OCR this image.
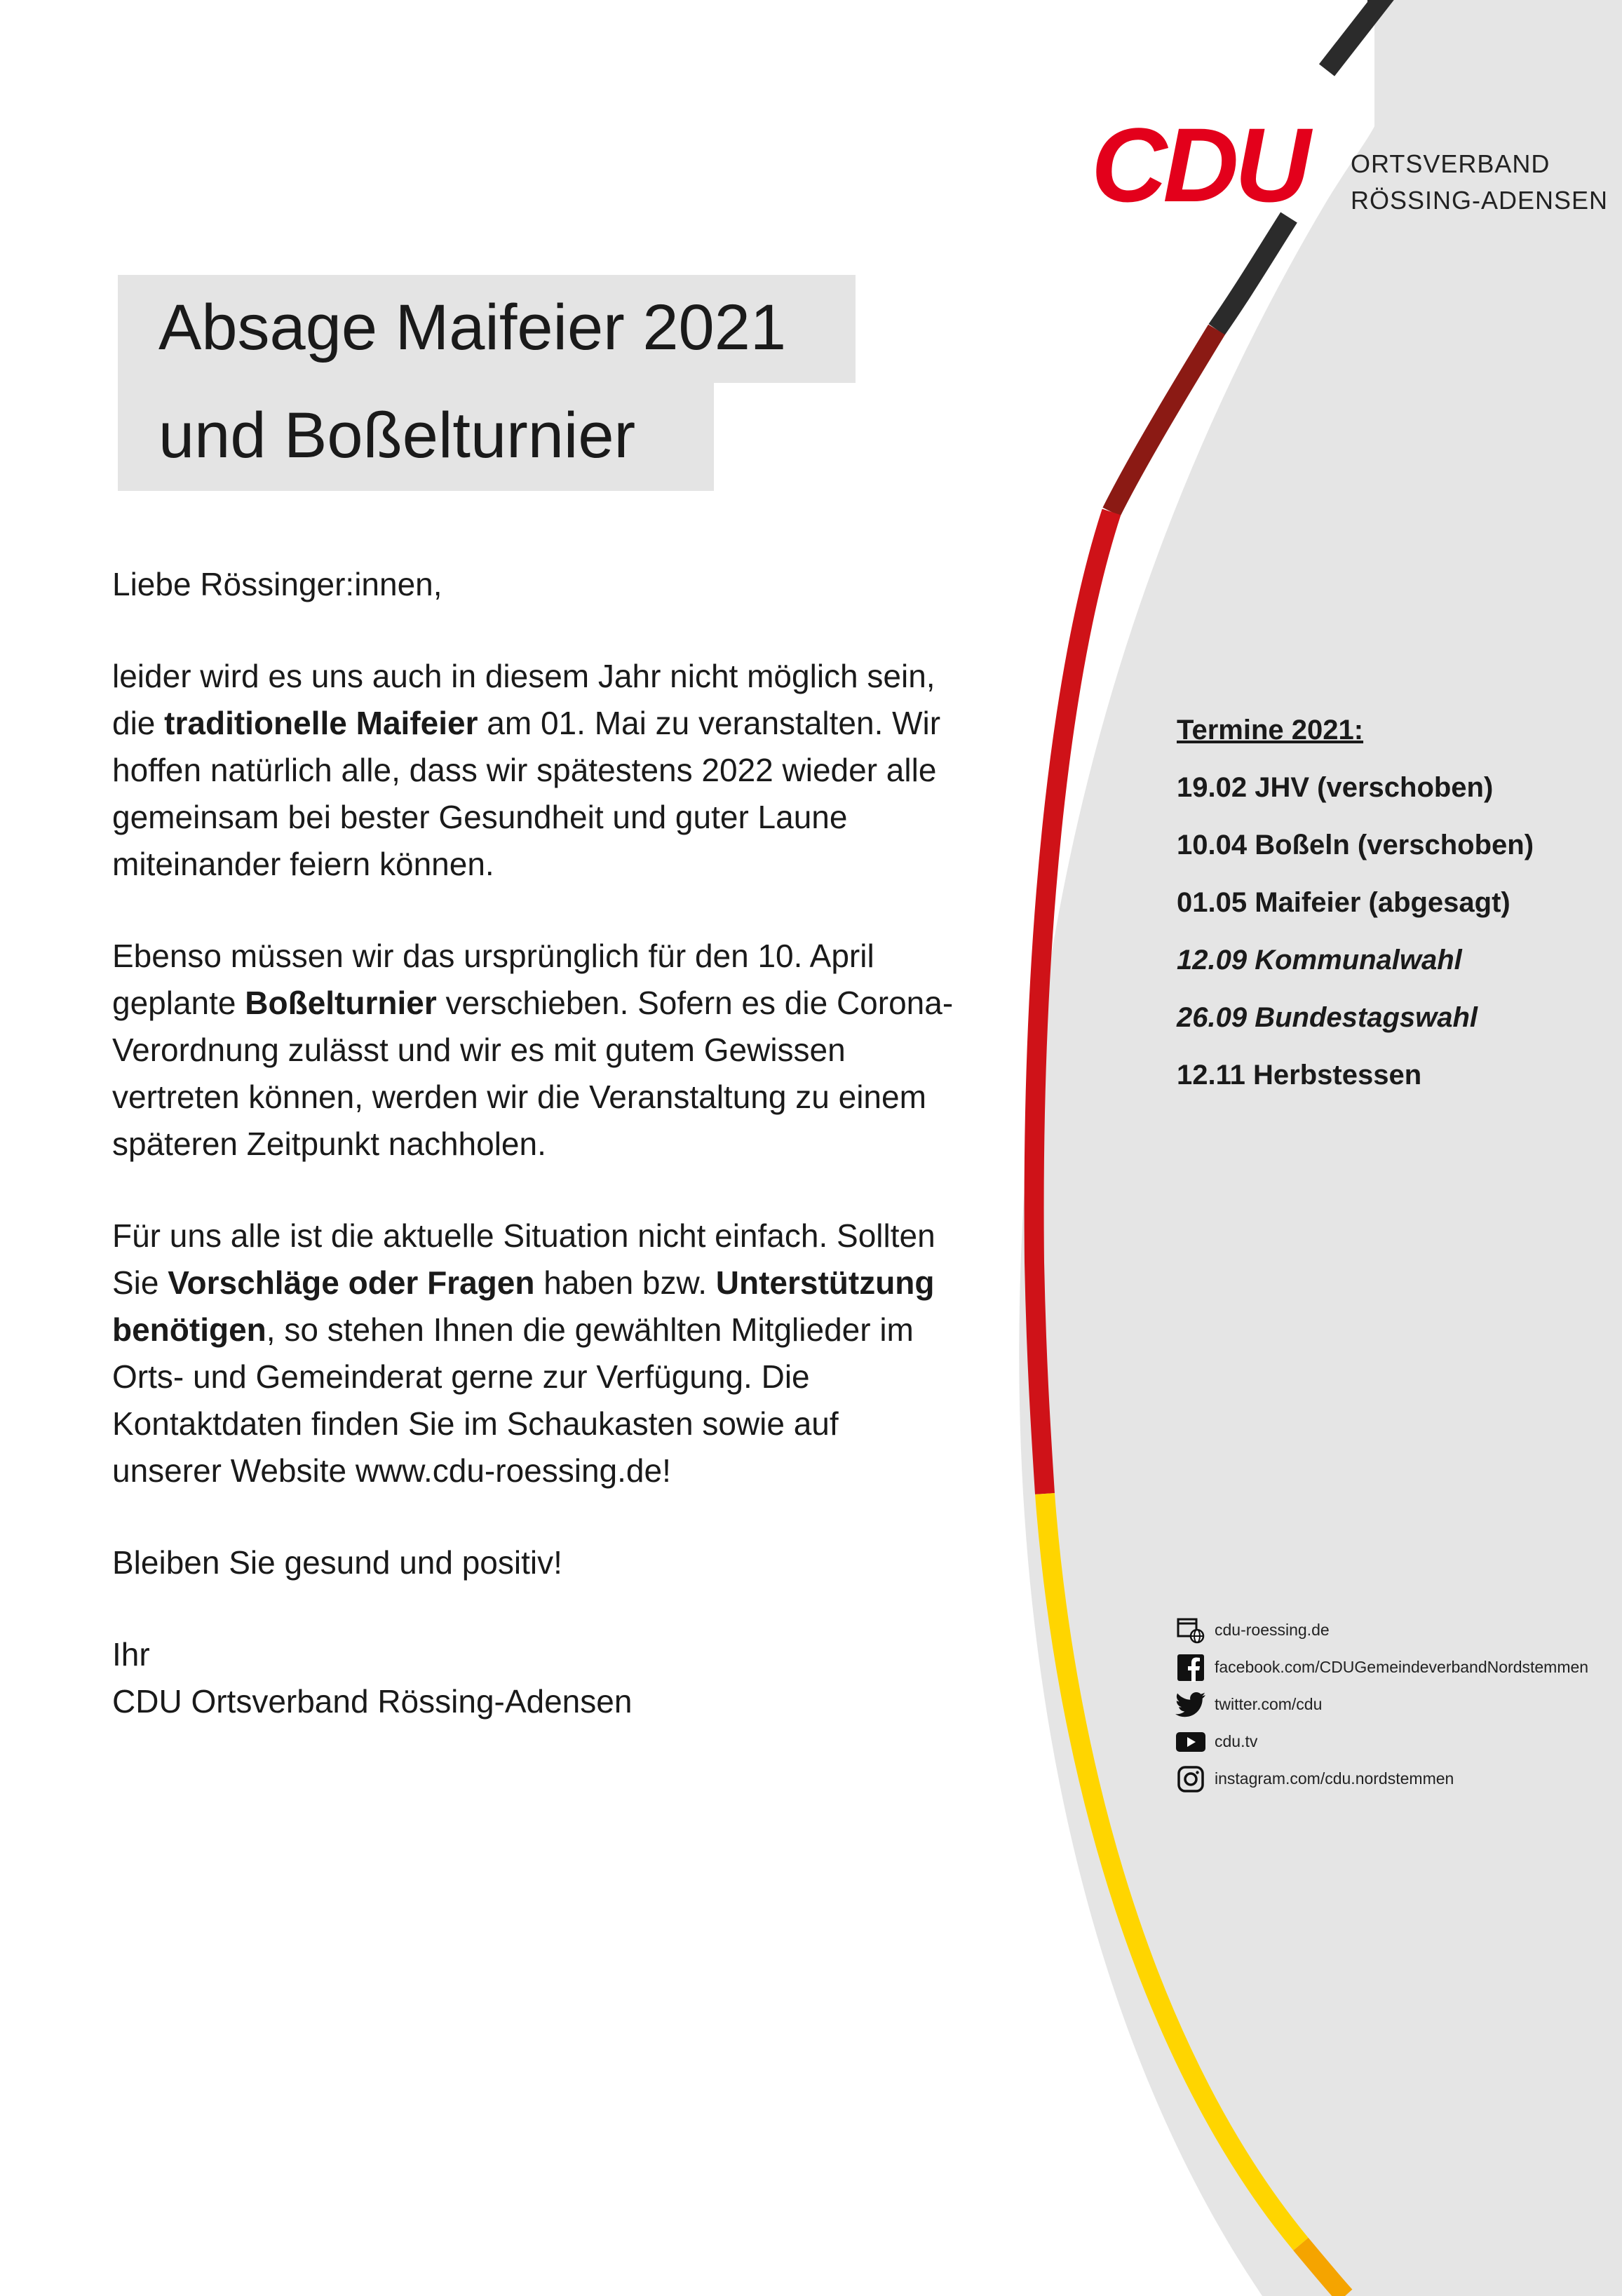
CDU	ORTSVERBAND
RÖSSING-ADENSEN
Absage Maifeier 2021
und Boßelturnier

Liebe Rössinger:innen,

leider wird es uns auch in diesem Jahr nicht möglich sein, die traditionelle Maifeier am 01. Mai zu veranstalten. Wir hoffen natürlich alle, dass wir spätestens 2022 wieder alle gemeinsam bei bester Gesundheit und guter Laune miteinander feiern können.

Ebenso müssen wir das ursprünglich für den 10. April geplante Boßelturnier verschieben. Sofern es die Corona-Verordnung zulässt und wir es mit gutem Gewissen vertreten können, werden wir die Veranstaltung zu einem späteren Zeitpunkt nachholen.

Für uns alle ist die aktuelle Situation nicht einfach. Sollten Sie Vorschläge oder Fragen haben bzw. Unterstützung benötigen, so stehen Ihnen die gewählten Mitglieder im Orts- und Gemeinderat gerne zur Verfügung. Die Kontaktdaten finden Sie im Schaukasten sowie auf unserer Website www.cdu-roessing.de!

Bleiben Sie gesund und positiv!

Ihr
CDU Ortsverband Rössing-Adensen

Termine 2021:
19.02 JHV (verschoben)
10.04 Boßeln (verschoben)
01.05 Maifeier (abgesagt)
12.09 Kommunalwahl
26.09 Bundestagswahl
12.11 Herbstessen
cdu-roessing.de
facebook.com/CDUGemeindeverbandNordstemmen
twitter.com/cdu
cdu.tv
instagram.com/cdu.nordstemmen
